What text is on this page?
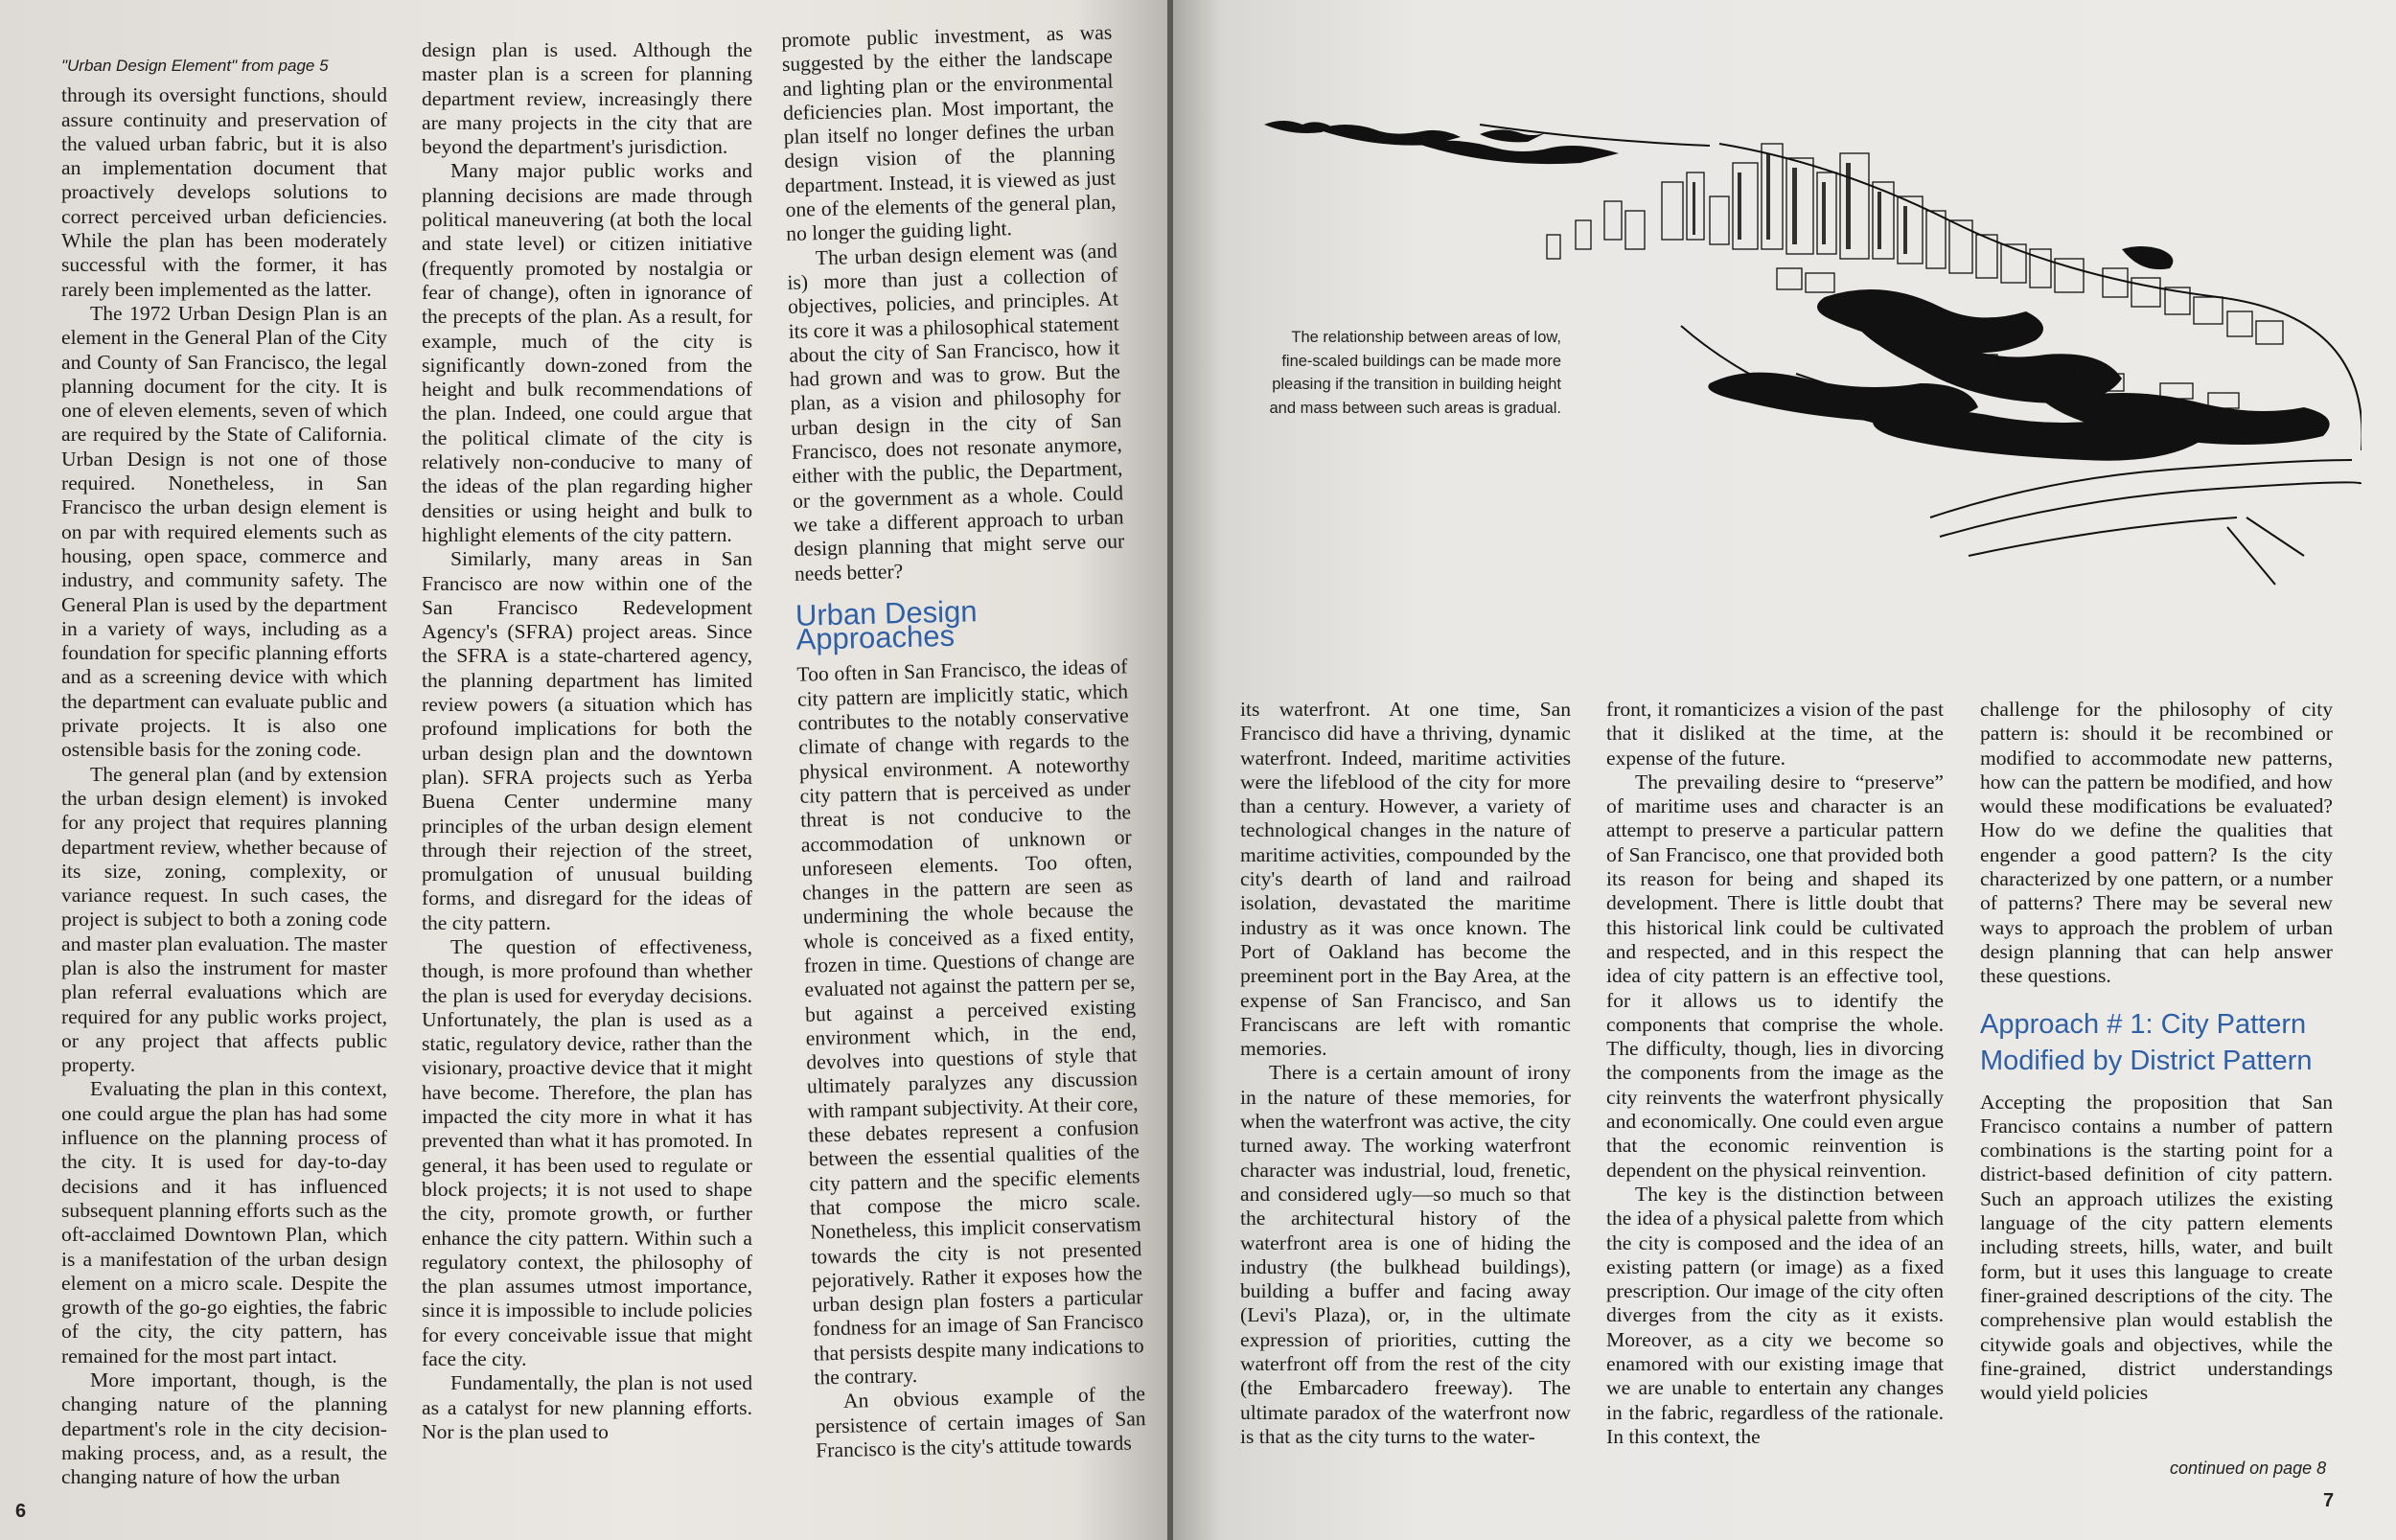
"Urban Design Element" from page 5

through its oversight functions, should assure continuity and preservation of the valued urban fabric, but it is also an implementation document that proactively develops solutions to correct perceived urban deficiencies. While the plan has been moderately successful with the former, it has rarely been implemented as the latter.

The 1972 Urban Design Plan is an element in the General Plan of the City and County of San Francisco, the legal planning document for the city. It is one of eleven elements, seven of which are required by the State of California. Urban Design is not one of those required. Nonetheless, in San Francisco the urban design element is on par with required elements such as housing, open space, commerce and industry, and community safety. The General Plan is used by the department in a variety of ways, including as a foundation for specific planning efforts and as a screening device with which the department can evaluate public and private projects. It is also one ostensible basis for the zoning code.

The general plan (and by extension the urban design element) is invoked for any project that requires planning department review, whether because of its size, zoning, complexity, or variance request. In such cases, the project is subject to both a zoning code and master plan evaluation. The master plan is also the instrument for master plan referral evaluations which are required for any public works project, or any project that affects public property.

Evaluating the plan in this context, one could argue the plan has had some influence on the planning process of the city. It is used for day-to-day decisions and it has influenced subsequent planning efforts such as the oft-acclaimed Downtown Plan, which is a manifestation of the urban design element on a micro scale. Despite the growth of the go-go eighties, the fabric of the city, the city pattern, has remained for the most part intact.

More important, though, is the changing nature of the planning department's role in the city decision-making process, and, as a result, the changing nature of how the urban

design plan is used. Although the master plan is a screen for planning department review, increasingly there are many projects in the city that are beyond the department's jurisdiction.

Many major public works and planning decisions are made through political maneuvering (at both the local and state level) or citizen initiative (frequently promoted by nostalgia or fear of change), often in ignorance of the precepts of the plan. As a result, for example, much of the city is significantly down-zoned from the height and bulk recommendations of the plan. Indeed, one could argue that the political climate of the city is relatively non-conducive to many of the ideas of the plan regarding higher densities or using height and bulk to highlight elements of the city pattern.

Similarly, many areas in San Francisco are now within one of the San Francisco Redevelopment Agency's (SFRA) project areas. Since the SFRA is a state-chartered agency, the planning department has limited review powers (a situation which has profound implications for both the urban design plan and the downtown plan). SFRA projects such as Yerba Buena Center undermine many principles of the urban design element through their rejection of the street, promulgation of unusual building forms, and disregard for the ideas of the city pattern.

The question of effectiveness, though, is more profound than whether the plan is used for everyday decisions. Unfortunately, the plan is used as a static, regulatory device, rather than the visionary, proactive device that it might have become. Therefore, the plan has impacted the city more in what it has prevented than what it has promoted. In general, it has been used to regulate or block projects; it is not used to shape the city, promote growth, or further enhance the city pattern. Within such a regulatory context, the philosophy of the plan assumes utmost importance, since it is impossible to include policies for every conceivable issue that might face the city.

Fundamentally, the plan is not used as a catalyst for new planning efforts. Nor is the plan used to

promote public investment, as was suggested by the either the landscape and lighting plan or the environmental deficiencies plan. Most important, the plan itself no longer defines the urban design vision of the planning department. Instead, it is viewed as just one of the elements of the general plan, no longer the guiding light.

The urban design element was (and is) more than just a collection of objectives, policies, and principles. At its core it was a philosophical statement about the city of San Francisco, how it had grown and was to grow. But the plan, as a vision and philosophy for urban design in the city of San Francisco, does not resonate anymore, either with the public, the Department, or the government as a whole. Could we take a different approach to urban design planning that might serve our needs better?

Urban Design Approaches

Too often in San Francisco, the ideas of city pattern are implicitly static, which contributes to the notably conservative climate of change with regards to the physical environment. A noteworthy city pattern that is perceived as under threat is not conducive to the accommodation of unknown or unforeseen elements. Too often, changes in the pattern are seen as undermining the whole because the whole is conceived as a fixed entity, frozen in time. Questions of change are evaluated not against the pattern per se, but against a perceived existing environment which, in the end, devolves into questions of style that ultimately paralyzes any discussion with rampant subjectivity. At their core, these debates represent a confusion between the essential qualities of the city pattern and the specific elements that compose the micro scale. Nonetheless, this implicit conservatism towards the city is not presented pejoratively. Rather it exposes how the urban design plan fosters a particular fondness for an image of San Francisco that persists despite many indications to the contrary.

An obvious example of the persistence of certain images of San Francisco is the city's attitude towards

6
The relationship between areas of low, fine-scaled buildings can be made more pleasing if the transition in building height and mass between such areas is gradual.

its waterfront. At one time, San Francisco did have a thriving, dynamic waterfront. Indeed, maritime activities were the lifeblood of the city for more than a century. However, a variety of technological changes in the nature of maritime activities, compounded by the city's dearth of land and railroad isolation, devastated the maritime industry as it was once known. The Port of Oakland has become the preeminent port in the Bay Area, at the expense of San Francisco, and San Franciscans are left with romantic memories.

There is a certain amount of irony in the nature of these memories, for when the waterfront was active, the city turned away. The working waterfront character was industrial, loud, frenetic, and considered ugly—so much so that the architectural history of the waterfront area is one of hiding the industry (the bulkhead buildings), building a buffer and facing away (Levi's Plaza), or, in the ultimate expression of priorities, cutting the waterfront off from the rest of the city (the Embarcadero freeway). The ultimate paradox of the waterfront now is that as the city turns to the water-

front, it romanticizes a vision of the past that it disliked at the time, at the expense of the future.

The prevailing desire to “preserve” of maritime uses and character is an attempt to preserve a particular pattern of San Francisco, one that provided both its reason for being and shaped its development. There is little doubt that this historical link could be cultivated and respected, and in this respect the idea of city pattern is an effective tool, for it allows us to identify the components that comprise the whole. The difficulty, though, lies in divorcing the components from the image as the city reinvents the waterfront physically and economically. One could even argue that the economic reinvention is dependent on the physical reinvention.

The key is the distinction between the idea of a physical palette from which the city is composed and the idea of an existing pattern (or image) as a fixed prescription. Our image of the city often diverges from the city as it exists. Moreover, as a city we become so enamored with our existing image that we are unable to entertain any changes in the fabric, regardless of the rationale. In this context, the

challenge for the philosophy of city pattern is: should it be recombined or modified to accommodate new patterns, how can the pattern be modified, and how would these modifications be evaluated? How do we define the qualities that engender a good pattern? Is the city characterized by one pattern, or a number of patterns? There may be several new ways to approach the problem of urban design planning that can help answer these questions.

Approach # 1: City Pattern Modified by District Pattern

Accepting the proposition that San Francisco contains a number of pattern combinations is the starting point for a district-based definition of city pattern. Such an approach utilizes the existing language of the city pattern elements including streets, hills, water, and built form, but it uses this language to create finer-grained descriptions of the city. The comprehensive plan would establish the citywide goals and objectives, while the fine-grained, district understandings would yield policies

continued on page 8
7
